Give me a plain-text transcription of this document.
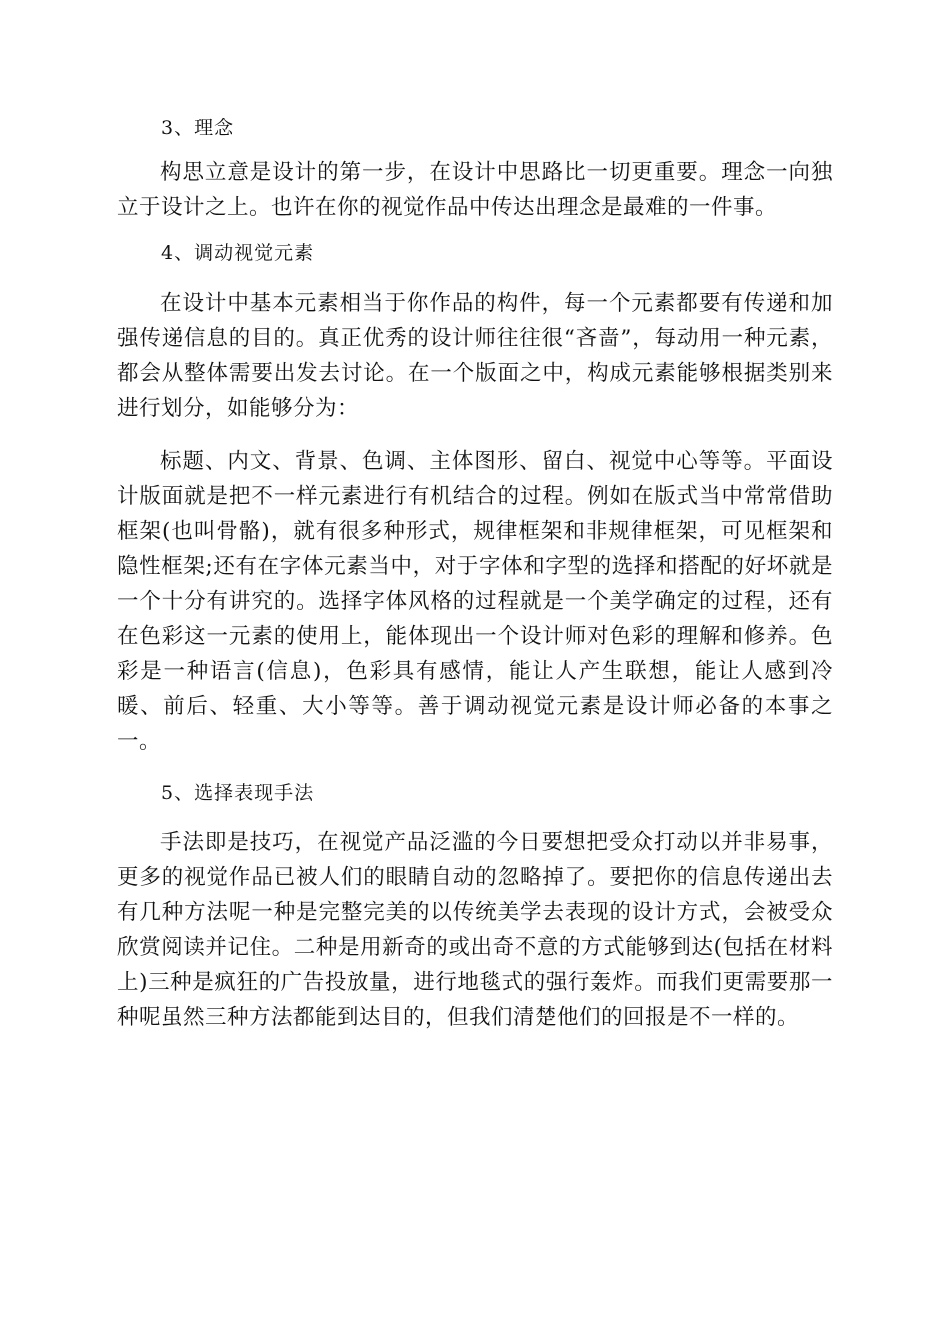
3、理念

构思立意是设计的第一步，在设计中思路比一切更重要。理念一向独立于设计之上。也许在你的视觉作品中传达出理念是最难的一件事。

4、调动视觉元素

在设计中基本元素相当于你作品的构件，每一个元素都要有传递和加强传递信息的目的。真正优秀的设计师往往很“吝啬”，每动用一种元素，都会从整体需要出发去讨论。在一个版面之中，构成元素能够根据类别来进行划分，如能够分为：

标题、内文、背景、色调、主体图形、留白、视觉中心等等。平面设计版面就是把不一样元素进行有机结合的过程。例如在版式当中常常借助框架(也叫骨骼)，就有很多种形式，规律框架和非规律框架，可见框架和隐性框架;还有在字体元素当中，对于字体和字型的选择和搭配的好坏就是一个十分有讲究的。选择字体风格的过程就是一个美学确定的过程，还有在色彩这一元素的使用上，能体现出一个设计师对色彩的理解和修养。色彩是一种语言(信息)，色彩具有感情，能让人产生联想，能让人感到冷暖、前后、轻重、大小等等。善于调动视觉元素是设计师必备的本事之一。

5、选择表现手法

手法即是技巧，在视觉产品泛滥的今日要想把受众打动以并非易事，更多的视觉作品已被人们的眼睛自动的忽略掉了。要把你的信息传递出去有几种方法呢一种是完整完美的以传统美学去表现的设计方式，会被受众欣赏阅读并记住。二种是用新奇的或出奇不意的方式能够到达(包括在材料上)三种是疯狂的广告投放量，进行地毯式的强行轰炸。而我们更需要那一种呢虽然三种方法都能到达目的，但我们清楚他们的回报是不一样的。
